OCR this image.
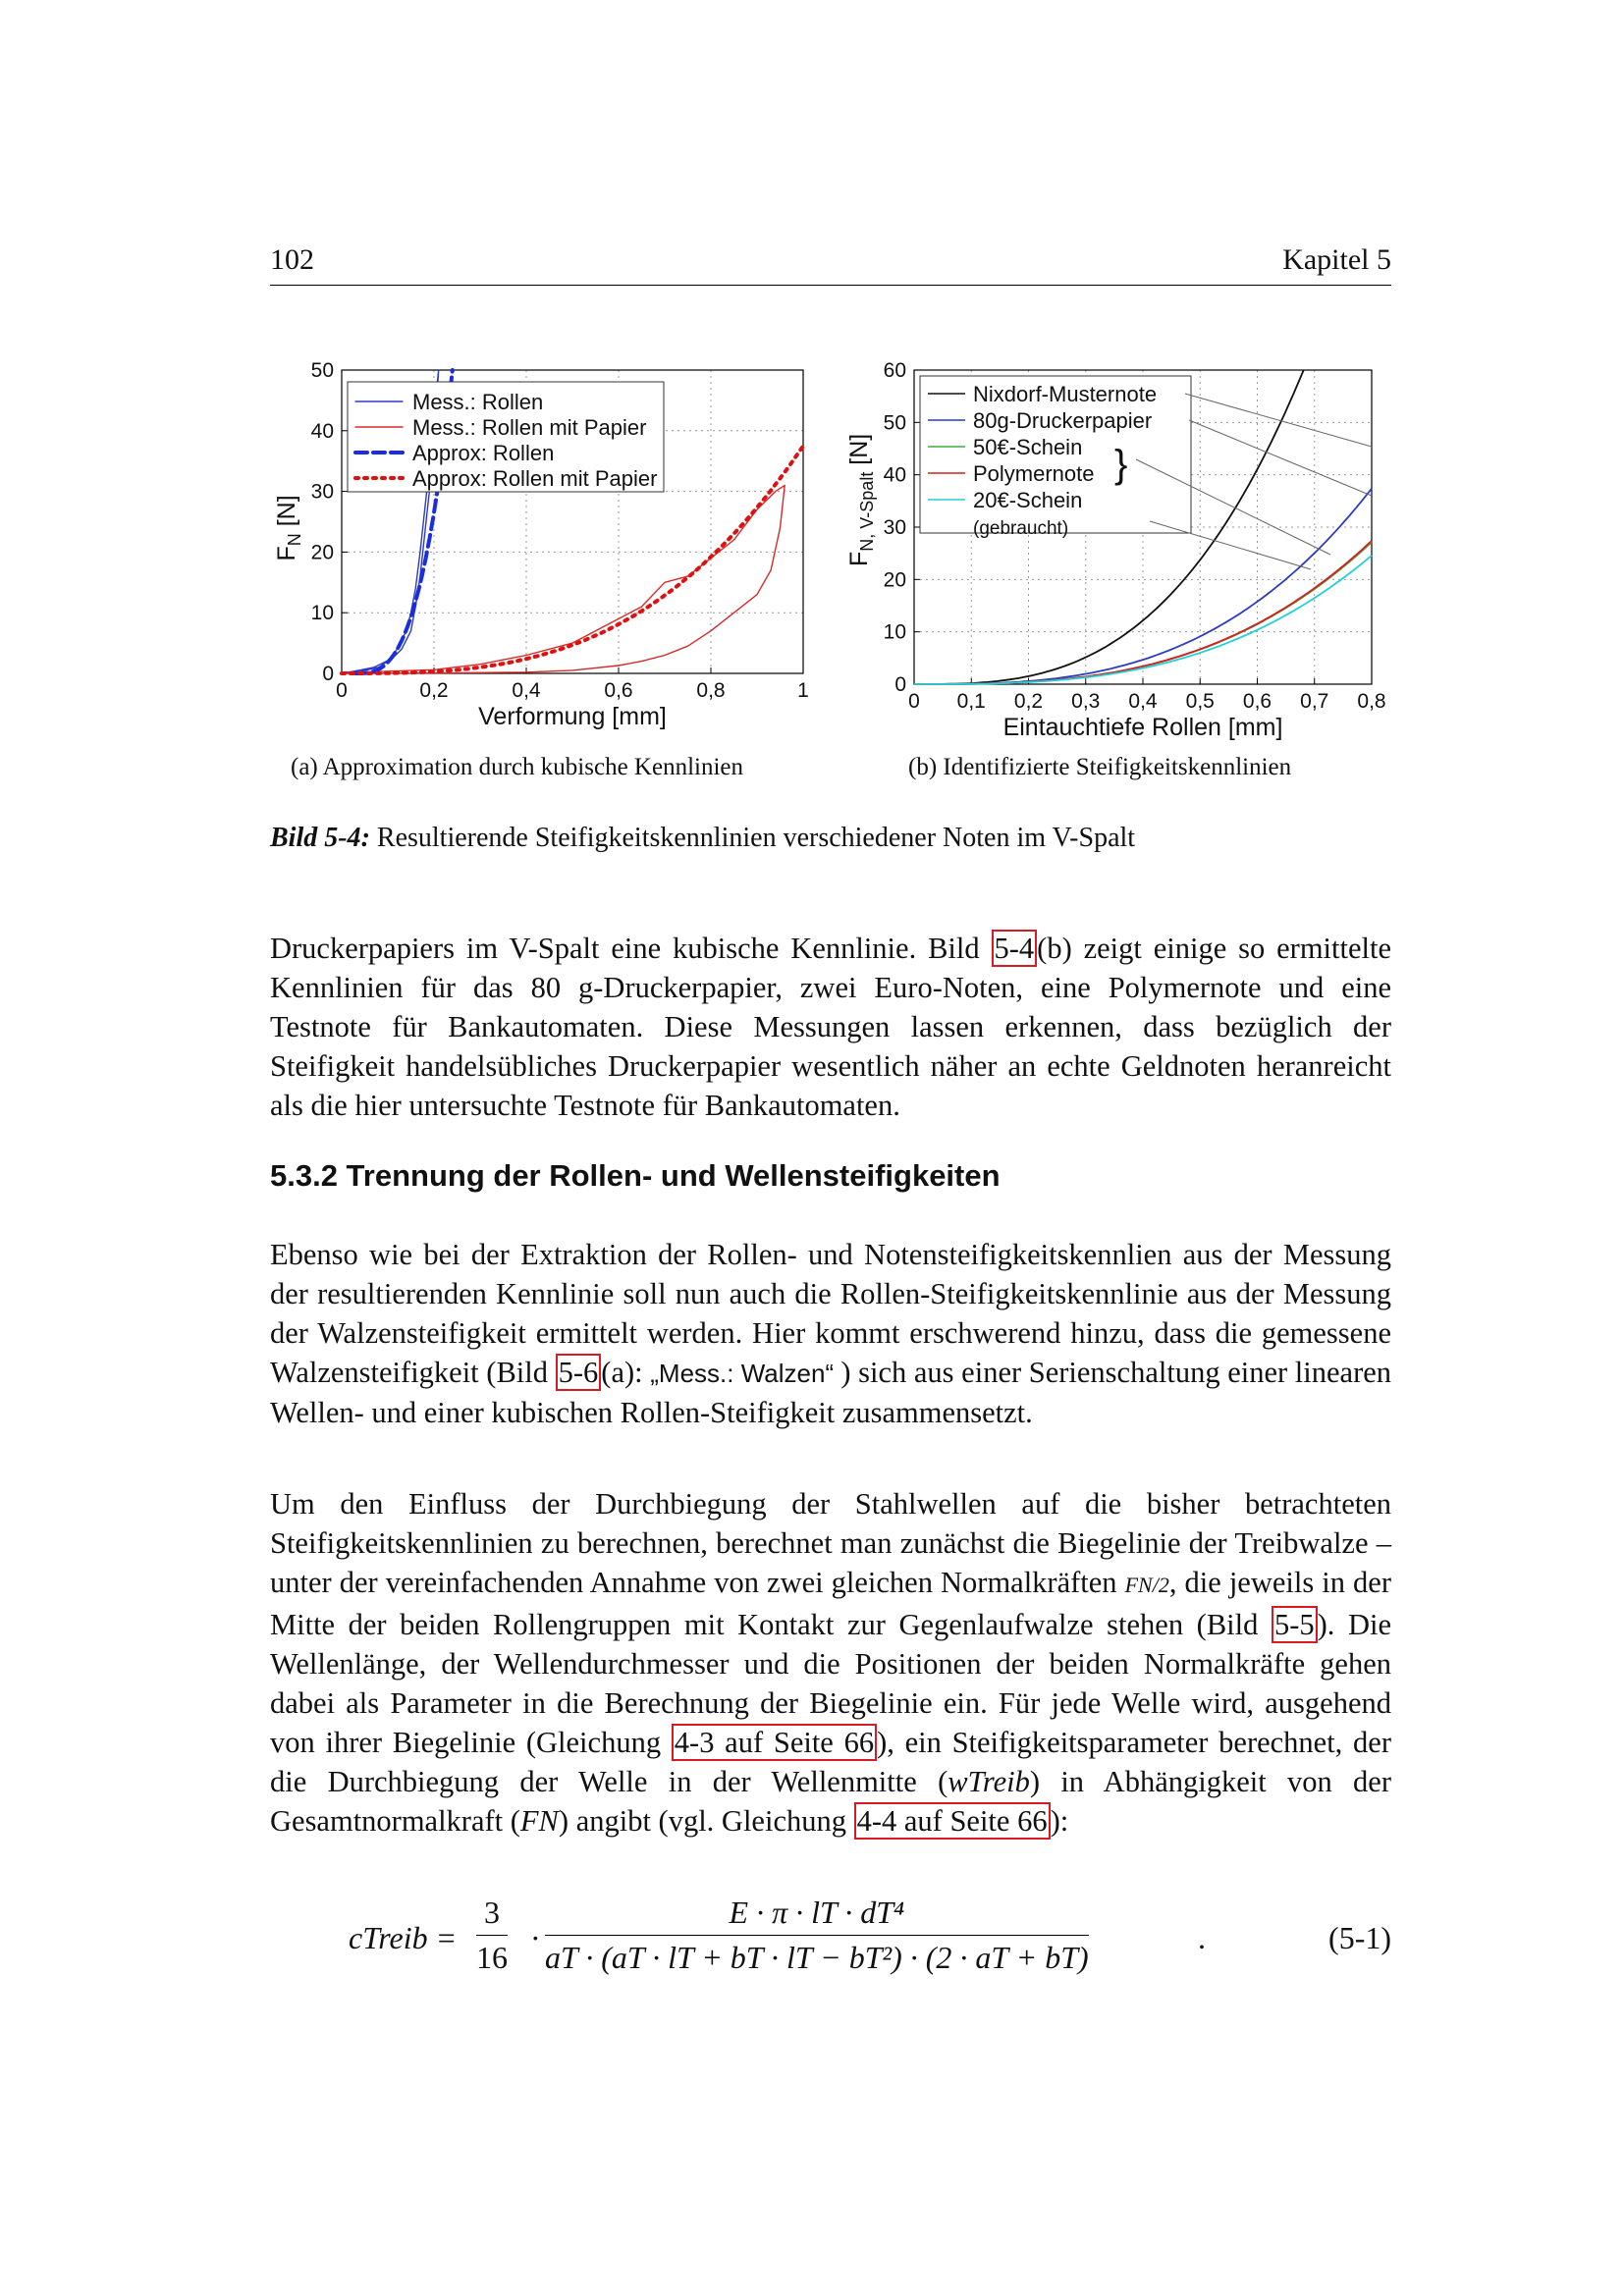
102	Kapitel 5
0	0,2	0,4	0,6	0,8	1
0
10
20
30
40
50
Verformung [mm]
$F_N$ [N]
Mess.: Rollen
Mess.: Rollen mit Papier
Approx: Rollen
Approx: Rollen mit Papier
0 0,1 0,2 0,3 0,4 0,5 0,6 0,7 0,8
0
10
20
30
40
50
60
Eintauchtiefe Rollen [mm]
$F_{N, V-Spalt}$ [N]
Nixdorf-Musternote
80g-Druckerpapier
50€-Schein
Polymernote
20€-Schein
(gebraucht)
}
(a) Approximation durch kubische Kennlinien	(b) Identifizierte Steifigkeitskennlinien
Bild 5-4: Resultierende Steifigkeitskennlinien verschiedener Noten im V-Spalt

Druckerpapiers im V-Spalt eine kubische Kennlinie. Bild 5-4(b) zeigt einige so ermittelte Kennlinien für das 80 g-Druckerpapier, zwei Euro-Noten, eine Polymernote und eine Testnote für Bankautomaten. Diese Messungen lassen erkennen, dass bezüglich der Steifigkeit handelsübliches Druckerpapier wesentlich näher an echte Geldnoten heranreicht als die hier untersuchte Testnote für Bankautomaten.

5.3.2 Trennung der Rollen- und Wellensteifigkeiten

Ebenso wie bei der Extraktion der Rollen- und Notensteifigkeitskennlien aus der Messung der resultierenden Kennlinie soll nun auch die Rollen-Steifigkeitskennlinie aus der Messung der Walzensteifigkeit ermittelt werden. Hier kommt erschwerend hinzu, dass die gemessene Walzensteifigkeit (Bild 5-6(a): „Mess.: Walzen“ ) sich aus einer Serienschaltung einer linearen Wellen- und einer kubischen Rollen-Steifigkeit zusammensetzt.

Um den Einfluss der Durchbiegung der Stahlwellen auf die bisher betrachteten Steifigkeitskennlinien zu berechnen, berechnet man zunächst die Biegelinie der Treibwalze – unter der vereinfachenden Annahme von zwei gleichen Normalkräften FN/2, die jeweils in der Mitte der beiden Rollengruppen mit Kontakt zur Gegenlaufwalze stehen (Bild 5-5). Die Wellenlänge, der Wellendurchmesser und die Positionen der beiden Normalkräfte gehen dabei als Parameter in die Berechnung der Biegelinie ein. Für jede Welle wird, ausgehend von ihrer Biegelinie (Gleichung 4-3 auf Seite 66), ein Steifigkeitsparameter berechnet, der die Durchbiegung der Welle in der Wellenmitte (wTreib) in Abhängigkeit von der Gesamtnormalkraft (FN) angibt (vgl. Gleichung 4-4 auf Seite 66):

cTreib = $\frac{3}{16} \cdot \frac{\text{E · π · lT · dT⁴}}{\text{aT · (aT · lT + bT · lT − bT²) · (2 · aT + bT)}}$	.	(5-1)
